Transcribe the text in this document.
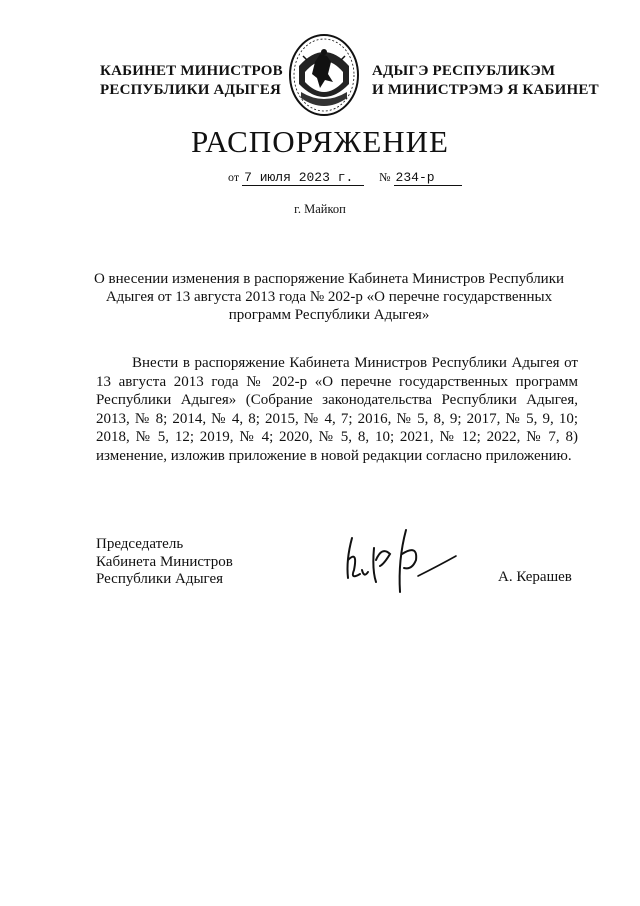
КАБИНЕТ МИНИСТРОВ
РЕСПУБЛИКИ АДЫГЕЯ
АДЫГЭ РЕСПУБЛИКЭМ
И МИНИСТРЭМЭ Я КАБИНЕТ
РАСПОРЯЖЕНИЕ
от 7 июля 2023 г. № 234-р
г. Майкоп
О внесении изменения в распоряжение Кабинета Министров Республики Адыгея от 13 августа 2013 года № 202-р «О перечне государственных программ Республики Адыгея»
Внести в распоряжение Кабинета Министров Республики Адыгея от 13 августа 2013 года № 202-р «О перечне государственных программ Республики Адыгея» (Собрание законодательства Республики Адыгея, 2013, № 8; 2014, № 4, 8; 2015, № 4, 7; 2016, № 5, 8, 9; 2017, № 5, 9, 10; 2018, № 5, 12; 2019, № 4; 2020, № 5, 8, 10; 2021, № 12; 2022, № 7, 8) изменение, изложив приложение в новой редакции согласно приложению.
Председатель
Кабинета Министров
Республики Адыгея	А. Керашев
